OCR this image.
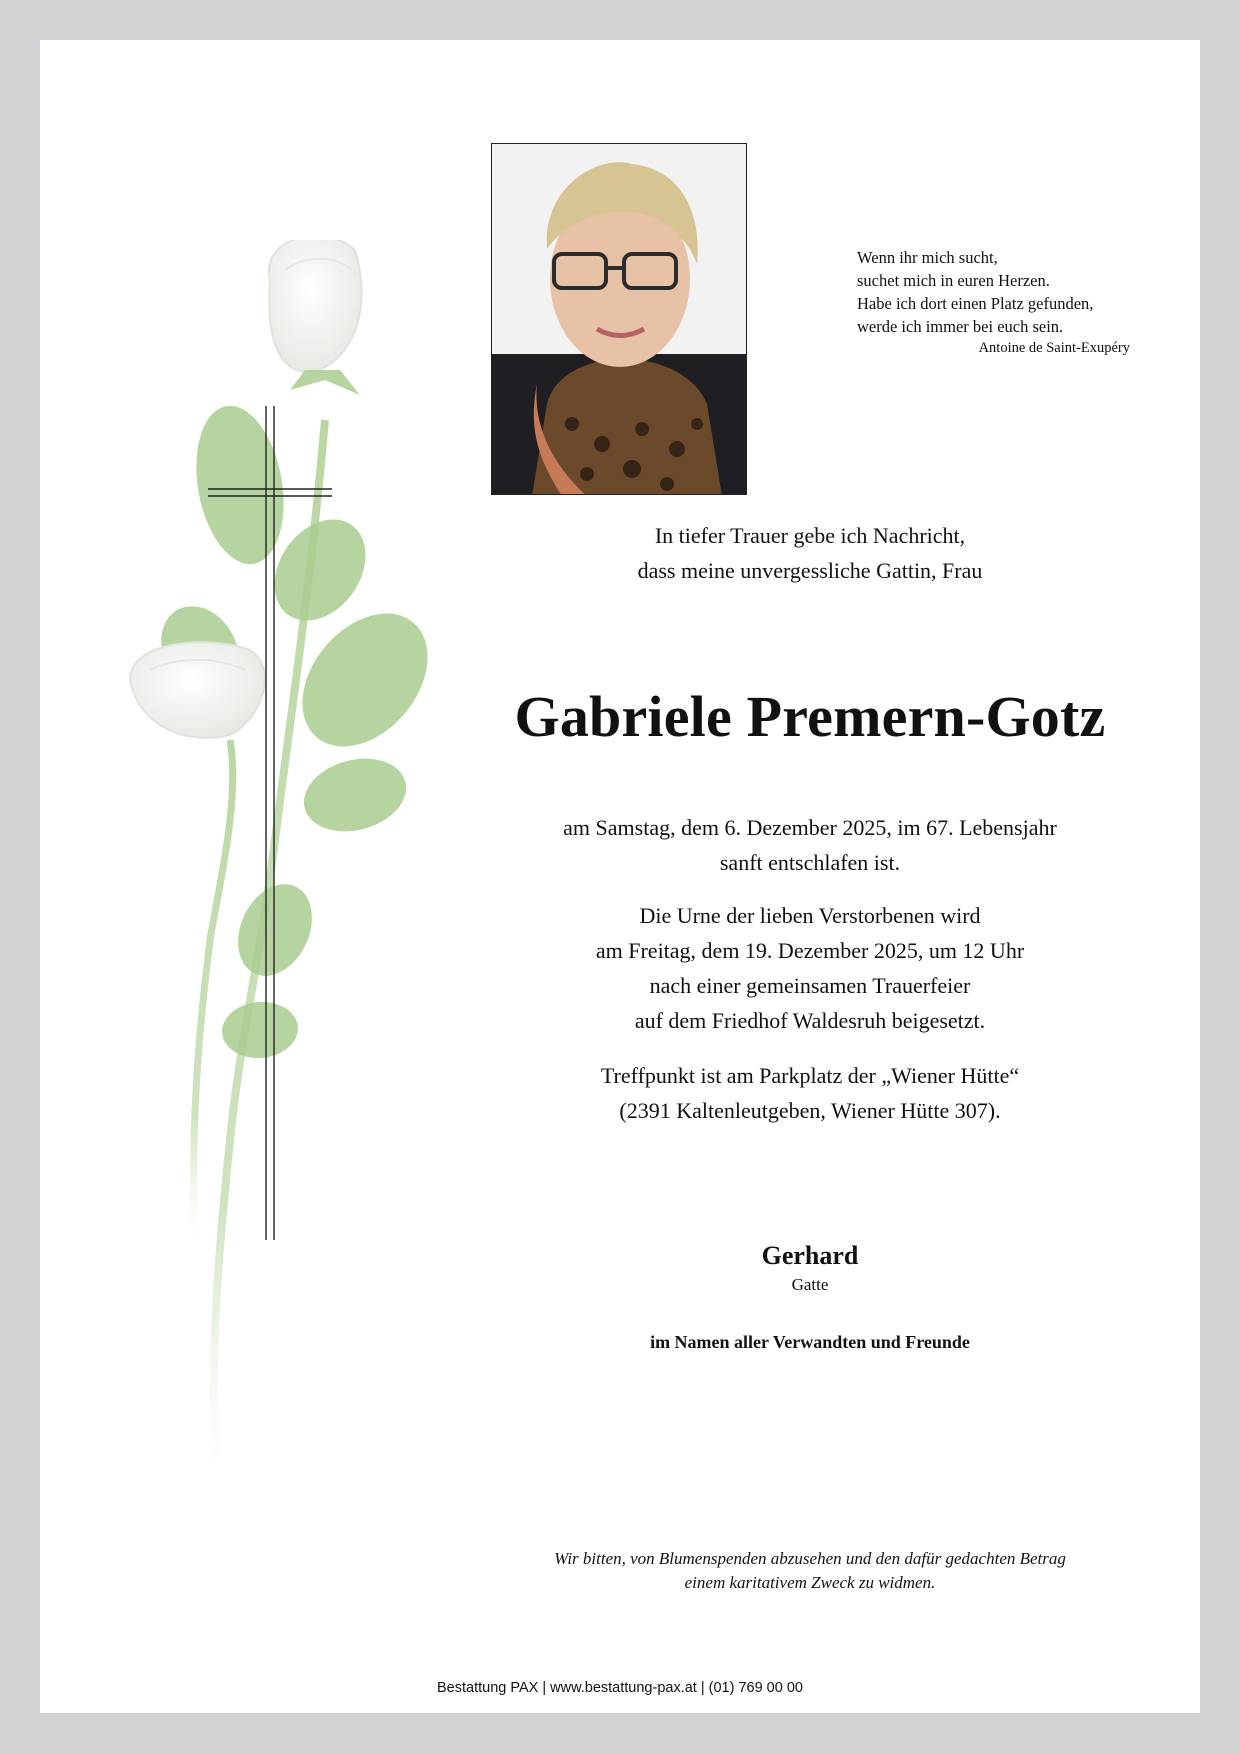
Wenn ihr mich sucht,
suchet mich in euren Herzen.
Habe ich dort einen Platz gefunden,
werde ich immer bei euch sein.
Antoine de Saint-Exupéry
In tiefer Trauer gebe ich Nachricht,
dass meine unvergessliche Gattin, Frau
Gabriele Premern-Gotz
am Samstag, dem 6. Dezember 2025, im 67. Lebensjahr
sanft entschlafen ist.
Die Urne der lieben Verstorbenen wird
am Freitag, dem 19. Dezember 2025, um 12 Uhr
nach einer gemeinsamen Trauerfeier
auf dem Friedhof Waldesruh beigesetzt.
Treffpunkt ist am Parkplatz der „Wiener Hütte“
(2391 Kaltenleutgeben, Wiener Hütte 307).
Gerhard
Gatte
im Namen aller Verwandten und Freunde
Wir bitten, von Blumenspenden abzusehen und den dafür gedachten Betrag
einem karitativem Zweck zu widmen.
Bestattung PAX | www.bestattung-pax.at | (01) 769 00 00
